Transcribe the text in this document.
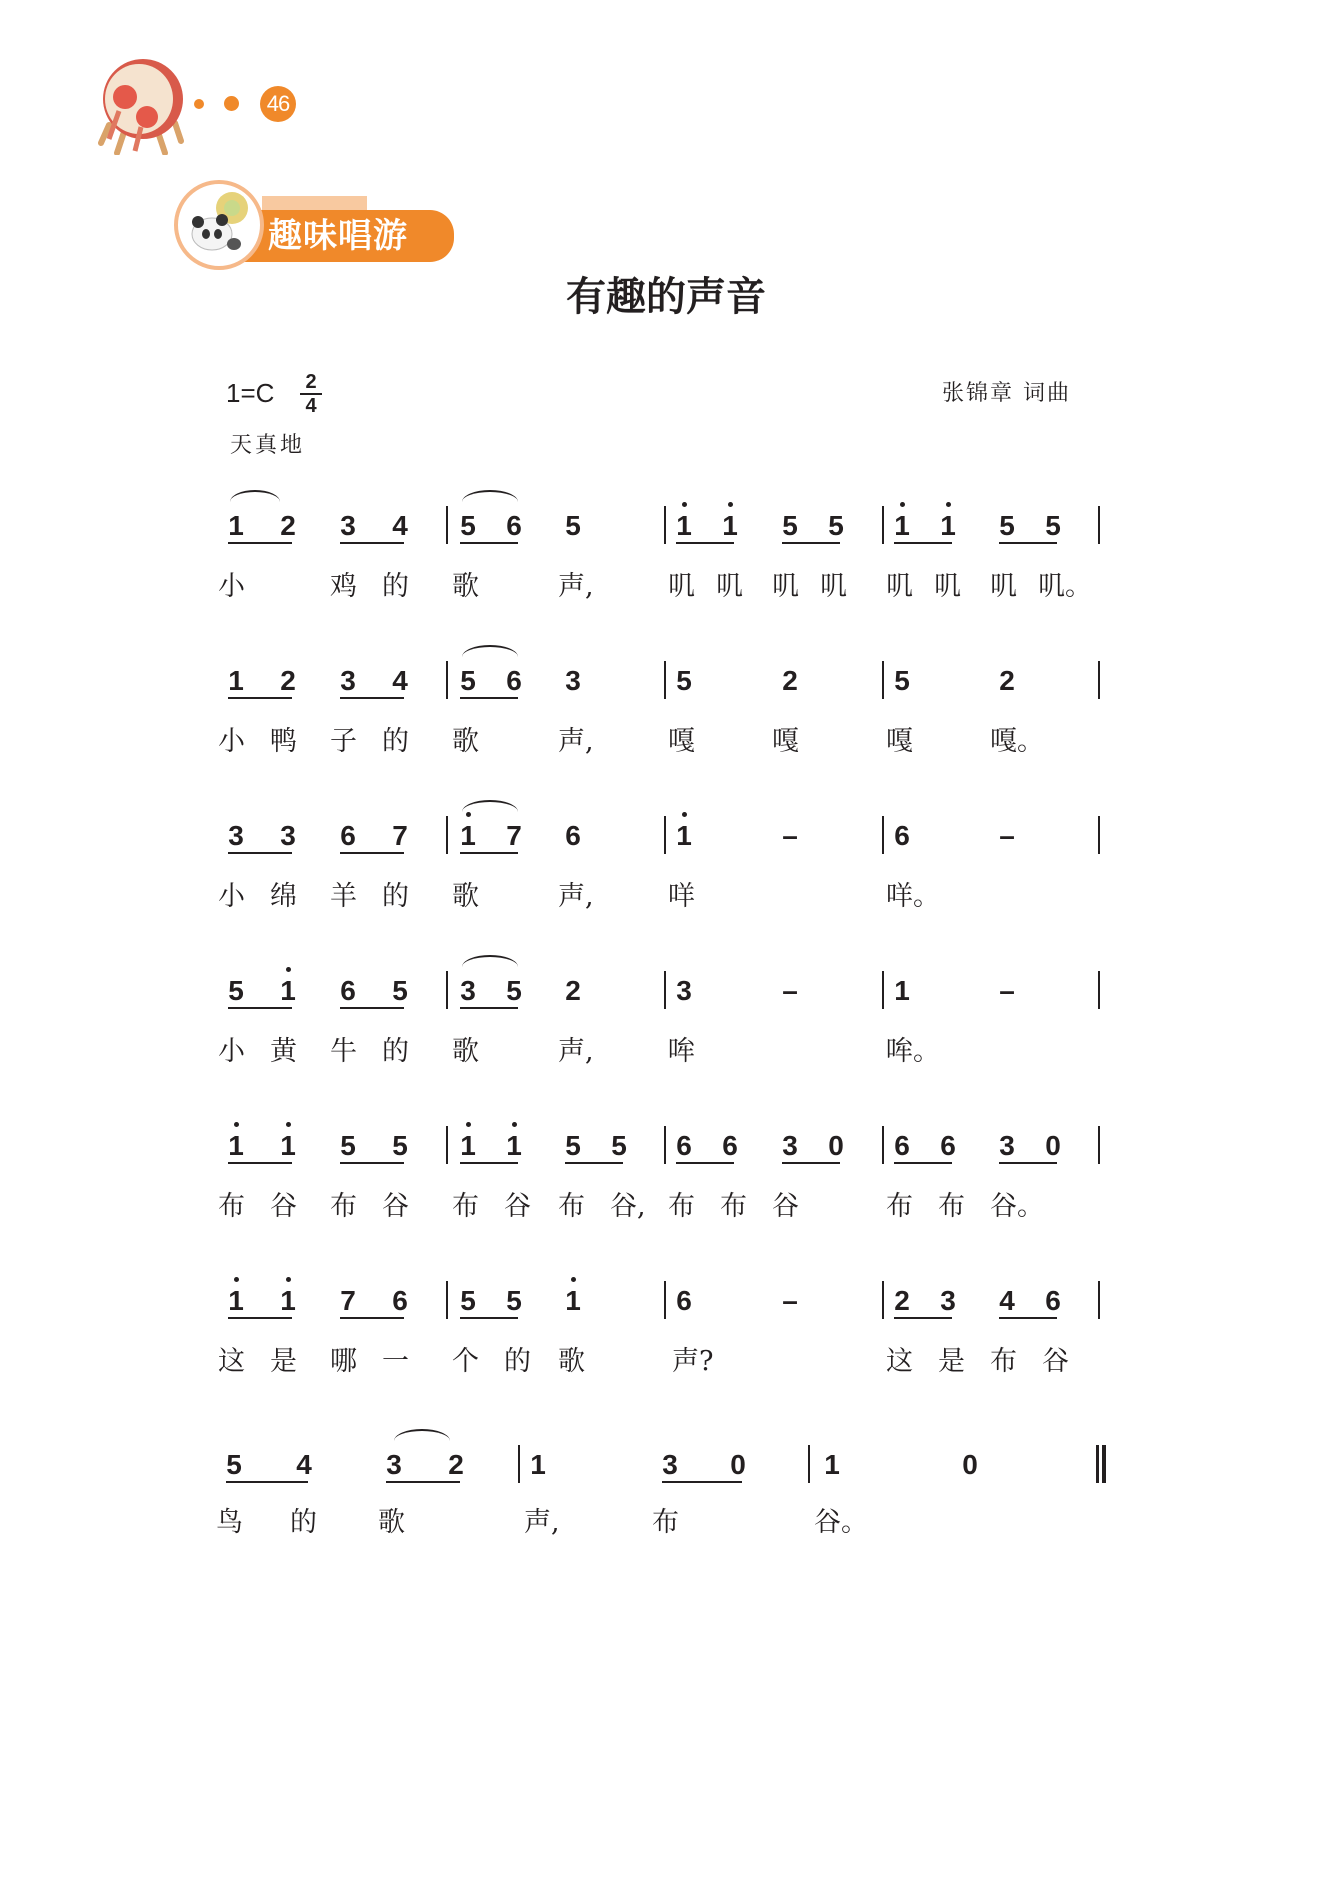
46
趣味唱游
有趣的声音
1=C 2
4	张锦章 词曲
天真地
1 2 3 4 5 6 5	1 1 5 5 1 1 5 5
小	鸡 的 歌	声,	叽 叽 叽 叽 叽 叽 叽 叽。
1 2 3 4 5 6 3	5	2	5	2
小 鸭 子 的 歌	声,	嘎	嘎	嘎	嘎。
3 3 6 7 1 7 6	1	–	6	–
小 绵 羊 的 歌	声,	咩	咩。
5 1 6 5 3 5 2	3	–	1	–
小 黄 牛 的 歌	声,	哞	哞。
1 1 5 5 1 1 5 5 6 6 3 0 6 6 3 0
布 谷 布 谷 布 谷 布 谷, 布 布 谷	布 布 谷。
1 1 7 6 5 5 1	6	–	2 3 4 6
这 是 哪 一 个 的 歌	声?	这 是 布 谷
5 4	3 2 1	3 0	1	0
鸟 的 歌	声,	布	谷。
